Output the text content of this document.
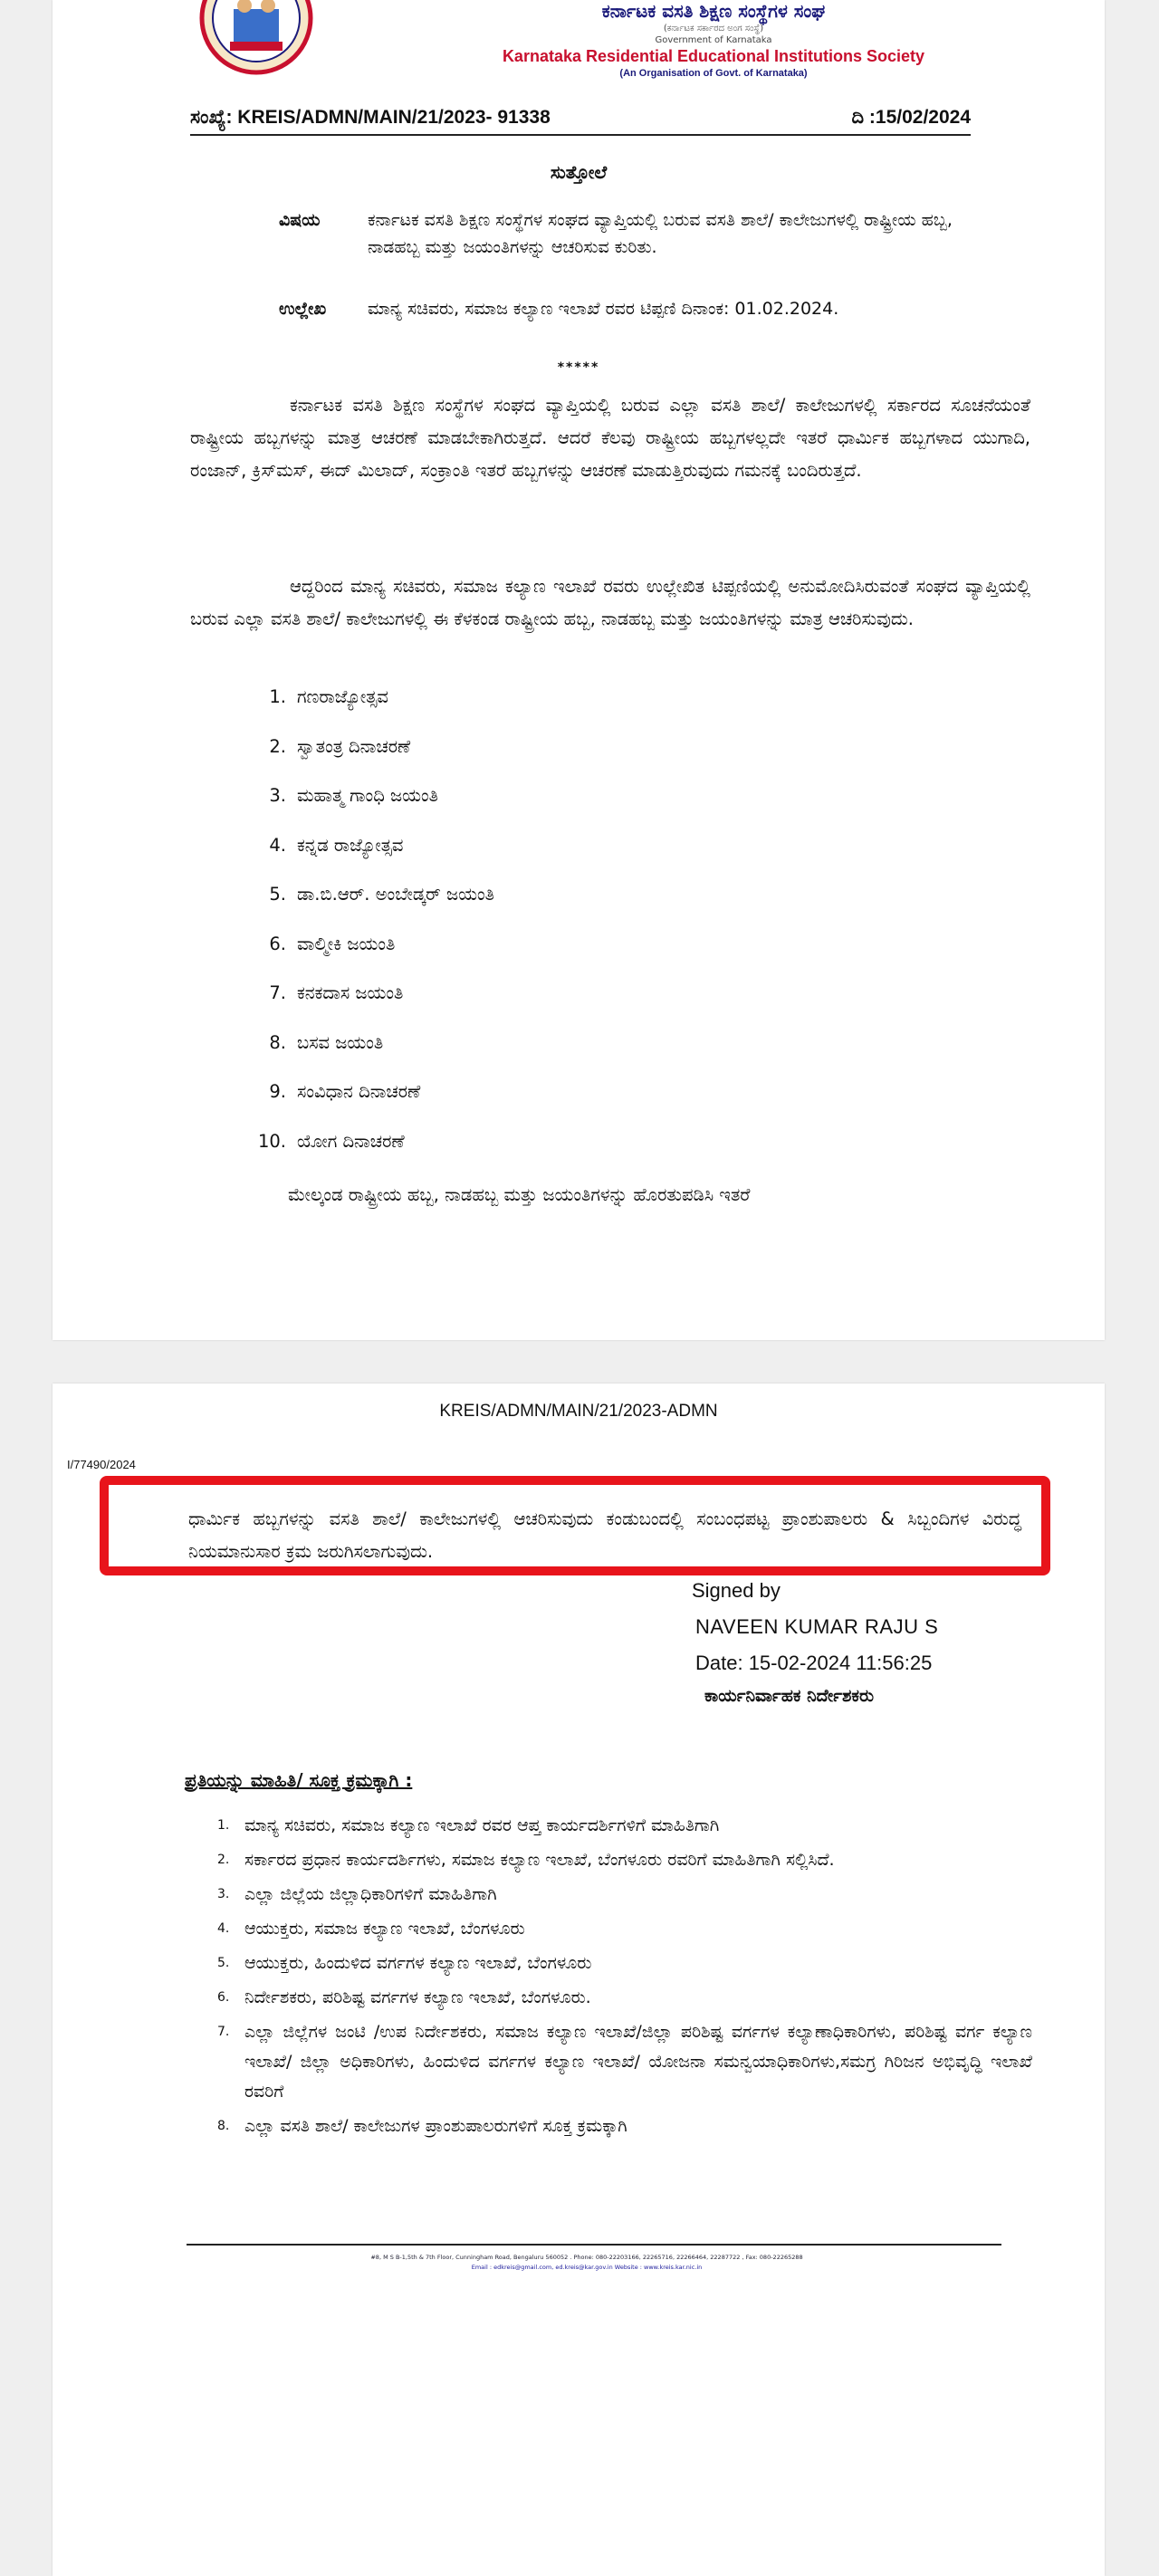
ಕರ್ನಾಟಕ ವಸತಿ ಶಿಕ್ಷಣ ಸಂಸ್ಥೆಗಳ ಸಂಘ
(ಕರ್ನಾಟಕ ಸರ್ಕಾರದ ಅಂಗ ಸಂಸ್ಥೆ)
Government of Karnataka
Karnataka Residential Educational Institutions Society
(An Organisation of Govt. of Karnataka)
ಸಂಖ್ಯೆ: KREIS/ADMN/MAIN/21/2023- 91338	ದಿ :15/02/2024
ಸುತ್ತೋಲೆ
ವಿಷಯ	ಕರ್ನಾಟಕ ವಸತಿ ಶಿಕ್ಷಣ ಸಂಸ್ಥೆಗಳ ಸಂಘದ ವ್ಯಾಪ್ತಿಯಲ್ಲಿ ಬರುವ ವಸತಿ ಶಾಲೆ/ ಕಾಲೇಜುಗಳಲ್ಲಿ ರಾಷ್ಟ್ರೀಯ ಹಬ್ಬ, ನಾಡಹಬ್ಬ ಮತ್ತು ಜಯಂತಿಗಳನ್ನು ಆಚರಿಸುವ ಕುರಿತು.
ಉಲ್ಲೇಖ	ಮಾನ್ಯ ಸಚಿವರು, ಸಮಾಜ ಕಲ್ಯಾಣ ಇಲಾಖೆ ರವರ ಟಿಪ್ಪಣಿ ದಿನಾಂಕ: 01.02.2024.
*****
ಕರ್ನಾಟಕ ವಸತಿ ಶಿಕ್ಷಣ ಸಂಸ್ಥೆಗಳ ಸಂಘದ ವ್ಯಾಪ್ತಿಯಲ್ಲಿ ಬರುವ ಎಲ್ಲಾ ವಸತಿ ಶಾಲೆ/ ಕಾಲೇಜುಗಳಲ್ಲಿ ಸರ್ಕಾರದ ಸೂಚನೆಯಂತೆ ರಾಷ್ಟ್ರೀಯ ಹಬ್ಬಗಳನ್ನು ಮಾತ್ರ ಆಚರಣೆ ಮಾಡಬೇಕಾಗಿರುತ್ತದೆ. ಆದರೆ ಕೆಲವು ರಾಷ್ಟ್ರೀಯ ಹಬ್ಬಗಳಲ್ಲದೇ ಇತರೆ ಧಾರ್ಮಿಕ ಹಬ್ಬಗಳಾದ ಯುಗಾದಿ, ರಂಜಾನ್, ಕ್ರಿಸ್‌ಮಸ್, ಈದ್ ಮಿಲಾದ್, ಸಂಕ್ರಾಂತಿ ಇತರೆ ಹಬ್ಬಗಳನ್ನು ಆಚರಣೆ ಮಾಡುತ್ತಿರುವುದು ಗಮನಕ್ಕೆ ಬಂದಿರುತ್ತದೆ.
ಆದ್ದರಿಂದ ಮಾನ್ಯ ಸಚಿವರು, ಸಮಾಜ ಕಲ್ಯಾಣ ಇಲಾಖೆ ರವರು ಉಲ್ಲೇಖಿತ ಟಿಪ್ಪಣಿಯಲ್ಲಿ ಅನುಮೋದಿಸಿರುವಂತೆ ಸಂಘದ ವ್ಯಾಪ್ತಿಯಲ್ಲಿ ಬರುವ ಎಲ್ಲಾ ವಸತಿ ಶಾಲೆ/ ಕಾಲೇಜುಗಳಲ್ಲಿ ಈ ಕೆಳಕಂಡ ರಾಷ್ಟ್ರೀಯ ಹಬ್ಬ, ನಾಡಹಬ್ಬ ಮತ್ತು ಜಯಂತಿಗಳನ್ನು ಮಾತ್ರ ಆಚರಿಸುವುದು.
1. ಗಣರಾಜ್ಯೋತ್ಸವ
2. ಸ್ವಾತಂತ್ರ ದಿನಾಚರಣೆ
3. ಮಹಾತ್ಮ ಗಾಂಧಿ ಜಯಂತಿ
4. ಕನ್ನಡ ರಾಜ್ಯೋತ್ಸವ
5. ಡಾ.ಬಿ.ಆರ್. ಅಂಬೇಡ್ಕರ್ ಜಯಂತಿ
6. ವಾಲ್ಮೀಕಿ ಜಯಂತಿ
7. ಕನಕದಾಸ ಜಯಂತಿ
8. ಬಸವ ಜಯಂತಿ
9. ಸಂವಿಧಾನ ದಿನಾಚರಣೆ
10. ಯೋಗ ದಿನಾಚರಣೆ
ಮೇಲ್ಕಂಡ ರಾಷ್ಟ್ರೀಯ ಹಬ್ಬ, ನಾಡಹಬ್ಬ ಮತ್ತು ಜಯಂತಿಗಳನ್ನು ಹೊರತುಪಡಿಸಿ ಇತರೆ
KREIS/ADMN/MAIN/21/2023-ADMN
I/77490/2024
ಧಾರ್ಮಿಕ ಹಬ್ಬಗಳನ್ನು ವಸತಿ ಶಾಲೆ/ ಕಾಲೇಜುಗಳಲ್ಲಿ ಆಚರಿಸುವುದು ಕಂಡುಬಂದಲ್ಲಿ ಸಂಬಂಧಪಟ್ಟ ಪ್ರಾಂಶುಪಾಲರು & ಸಿಬ್ಬಂದಿಗಳ ವಿರುದ್ಧ ನಿಯಮಾನುಸಾರ ಕ್ರಮ ಜರುಗಿಸಲಾಗುವುದು.
Signed by
NAVEEN KUMAR RAJU S
Date: 15-02-2024 11:56:25
ಕಾರ್ಯನಿರ್ವಾಹಕ ನಿರ್ದೇಶಕರು
ಪ್ರತಿಯನ್ನು ಮಾಹಿತಿ/ ಸೂಕ್ತ ಕ್ರಮಕ್ಕಾಗಿ :
1. ಮಾನ್ಯ ಸಚಿವರು, ಸಮಾಜ ಕಲ್ಯಾಣ ಇಲಾಖೆ ರವರ ಆಪ್ತ ಕಾರ್ಯದರ್ಶಿಗಳಿಗೆ ಮಾಹಿತಿಗಾಗಿ
2. ಸರ್ಕಾರದ ಪ್ರಧಾನ ಕಾರ್ಯದರ್ಶಿಗಳು, ಸಮಾಜ ಕಲ್ಯಾಣ ಇಲಾಖೆ, ಬೆಂಗಳೂರು ರವರಿಗೆ ಮಾಹಿತಿಗಾಗಿ ಸಲ್ಲಿಸಿದೆ.
3. ಎಲ್ಲಾ ಜಿಲ್ಲೆಯ ಜಿಲ್ಲಾಧಿಕಾರಿಗಳಿಗೆ ಮಾಹಿತಿಗಾಗಿ
4. ಆಯುಕ್ತರು, ಸಮಾಜ ಕಲ್ಯಾಣ ಇಲಾಖೆ, ಬೆಂಗಳೂರು
5. ಆಯುಕ್ತರು, ಹಿಂದುಳಿದ ವರ್ಗಗಳ ಕಲ್ಯಾಣ ಇಲಾಖೆ, ಬೆಂಗಳೂರು
6. ನಿರ್ದೇಶಕರು, ಪರಿಶಿಷ್ಟ ವರ್ಗಗಳ ಕಲ್ಯಾಣ ಇಲಾಖೆ, ಬೆಂಗಳೂರು.
7. ಎಲ್ಲಾ ಜಿಲ್ಲೆಗಳ ಜಂಟಿ /ಉಪ ನಿರ್ದೇಶಕರು, ಸಮಾಜ ಕಲ್ಯಾಣ ಇಲಾಖೆ/ಜಿಲ್ಲಾ ಪರಿಶಿಷ್ಟ ವರ್ಗಗಳ ಕಲ್ಯಾಣಾಧಿಕಾರಿಗಳು, ಪರಿಶಿಷ್ಟ ವರ್ಗ ಕಲ್ಯಾಣ ಇಲಾಖೆ/ ಜಿಲ್ಲಾ ಅಧಿಕಾರಿಗಳು, ಹಿಂದುಳಿದ ವರ್ಗಗಳ ಕಲ್ಯಾಣ ಇಲಾಖೆ/ ಯೋಜನಾ ಸಮನ್ವಯಾಧಿಕಾರಿಗಳು,ಸಮಗ್ರ ಗಿರಿಜನ ಅಭಿವೃದ್ಧಿ ಇಲಾಖೆ ರವರಿಗೆ
8. ಎಲ್ಲಾ ವಸತಿ ಶಾಲೆ/ ಕಾಲೇಜುಗಳ ಪ್ರಾಂಶುಪಾಲರುಗಳಿಗೆ ಸೂಕ್ತ ಕ್ರಮಕ್ಕಾಗಿ
#8, M S B-1,5th & 7th Floor, Cunningham Road, Bengaluru 560052 . Phone: 080-22203166, 22265716, 22266464, 22287722 , Fax: 080-22265288
Email : edkreis@gmail.com, ed.kreis@kar.gov.in Website : www.kreis.kar.nic.in
